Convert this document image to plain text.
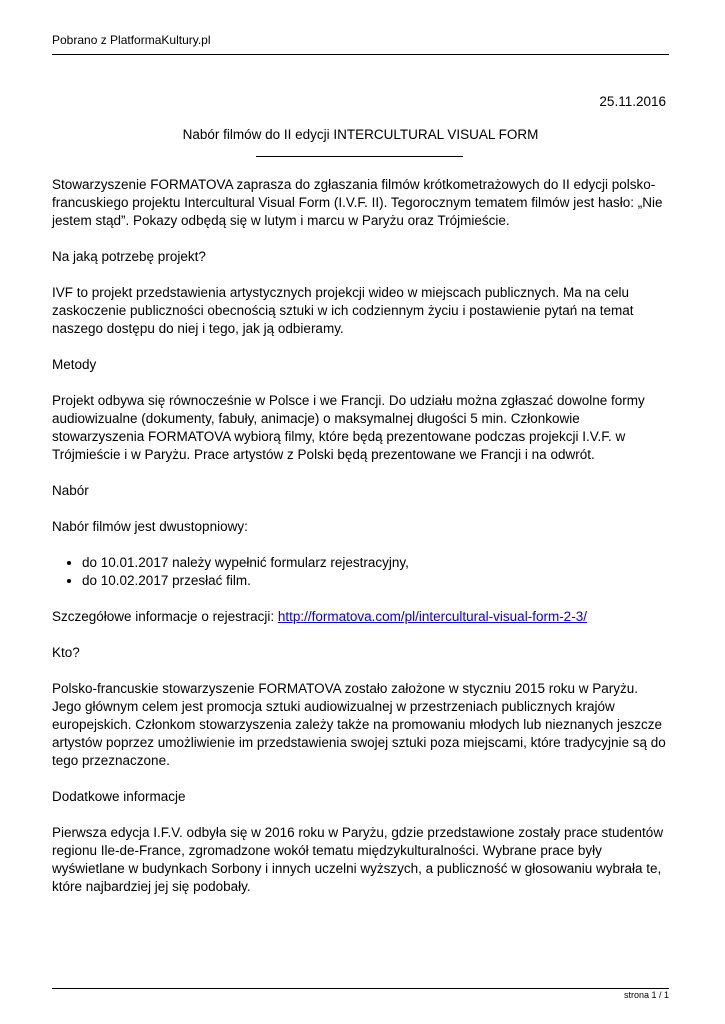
Pobrano z PlatformaKultury.pl
25.11.2016
Nabór filmów do II edycji INTERCULTURAL VISUAL FORM

Stowarzyszenie FORMATOVA zaprasza do zgłaszania filmów krótkometrażowych do II edycji polsko-francuskiego projektu Intercultural Visual Form (I.V.F. II). Tegorocznym tematem filmów jest hasło: „Nie jestem stąd”. Pokazy odbędą się w lutym i marcu w Paryżu oraz Trójmieście.

Na jaką potrzebę projekt?

IVF to projekt przedstawienia artystycznych projekcji wideo w miejscach publicznych. Ma na celu zaskoczenie publiczności obecnością sztuki w ich codziennym życiu i postawienie pytań na temat naszego dostępu do niej i tego, jak ją odbieramy.

Metody

Projekt odbywa się równocześnie w Polsce i we Francji. Do udziału można zgłaszać dowolne formy audiowizualne (dokumenty, fabuły, animacje) o maksymalnej długości 5 min. Członkowie stowarzyszenia FORMATOVA wybiorą filmy, które będą prezentowane podczas projekcji I.V.F. w Trójmieście i w Paryżu. Prace artystów z Polski będą prezentowane we Francji i na odwrót.

Nabór

Nabór filmów jest dwustopniowy:

• do 10.01.2017 należy wypełnić formularz rejestracyjny,
• do 10.02.2017 przesłać film.

Szczegółowe informacje o rejestracji: http://formatova.com/pl/intercultural-visual-form-2-3/

Kto?

Polsko-francuskie stowarzyszenie FORMATOVA zostało założone w styczniu 2015 roku w Paryżu. Jego głównym celem jest promocja sztuki audiowizualnej w przestrzeniach publicznych krajów europejskich. Członkom stowarzyszenia zależy także na promowaniu młodych lub nieznanych jeszcze artystów poprzez umożliwienie im przedstawienia swojej sztuki poza miejscami, które tradycyjnie są do tego przeznaczone.

Dodatkowe informacje

Pierwsza edycja I.F.V. odbyła się w 2016 roku w Paryżu, gdzie przedstawione zostały prace studentów regionu Ile-de-France, zgromadzone wokół tematu międzykulturalności. Wybrane prace były wyświetlane w budynkach Sorbony i innych uczelni wyższych, a publiczność w głosowaniu wybrała te, które najbardziej jej się podobały.

strona 1 / 1
